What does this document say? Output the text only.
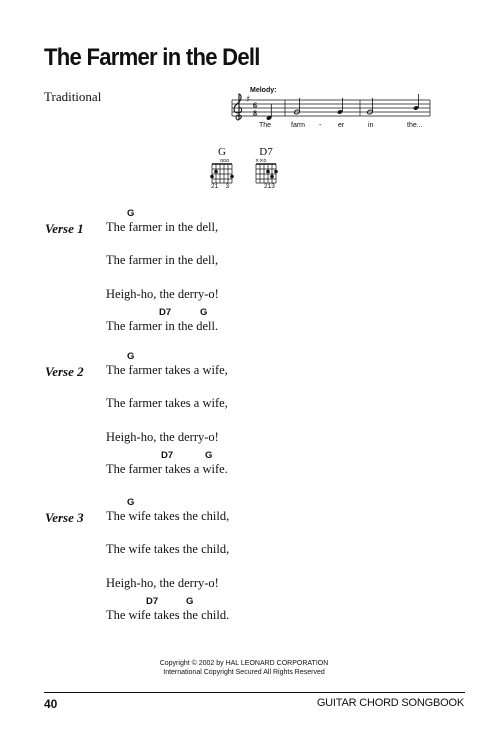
The Farmer in the Dell
Traditional	♯
6
8
Melody:
The	farm - er	in	the...
G
ooo
21    3
D7
××o
213
Verse 1
G
The farmer in the dell,
The farmer in the dell,
Heigh-ho, the derry-o!
D7	G
The farmer in the dell.
Verse 2
G
The farmer takes a wife,
The farmer takes a wife,
Heigh-ho, the derry-o!
D7	G
The farmer takes a wife.
Verse 3
G
The wife takes the child,
The wife takes the child,
Heigh-ho, the derry-o!
D7	G
The wife takes the child.
Copyright © 2002 by HAL LEONARD CORPORATION
International Copyright Secured All Rights Reserved
40	GUITAR CHORD SONGBOOK
